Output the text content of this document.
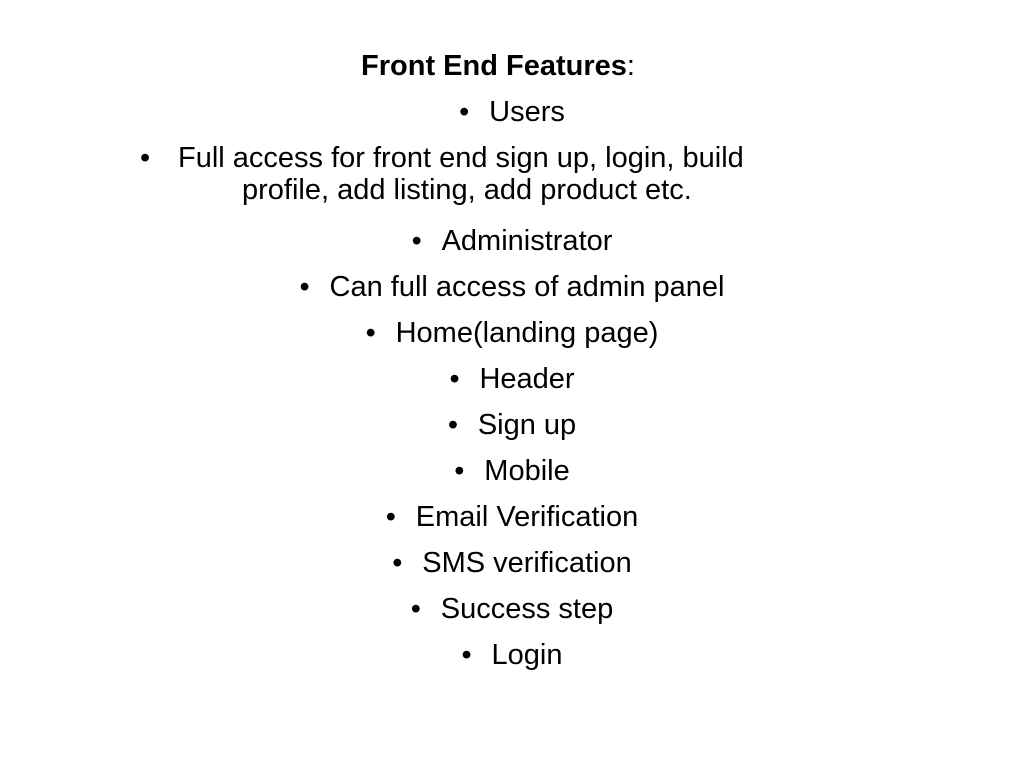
Front End Features:
• Users
• Full access for front end sign up, login, build
profile, add listing, add product etc.
• Administrator
• Can full access of admin panel
• Home(landing page)
• Header
• Sign up
• Mobile
• Email Verification
• SMS verification
• Success step
• Login
